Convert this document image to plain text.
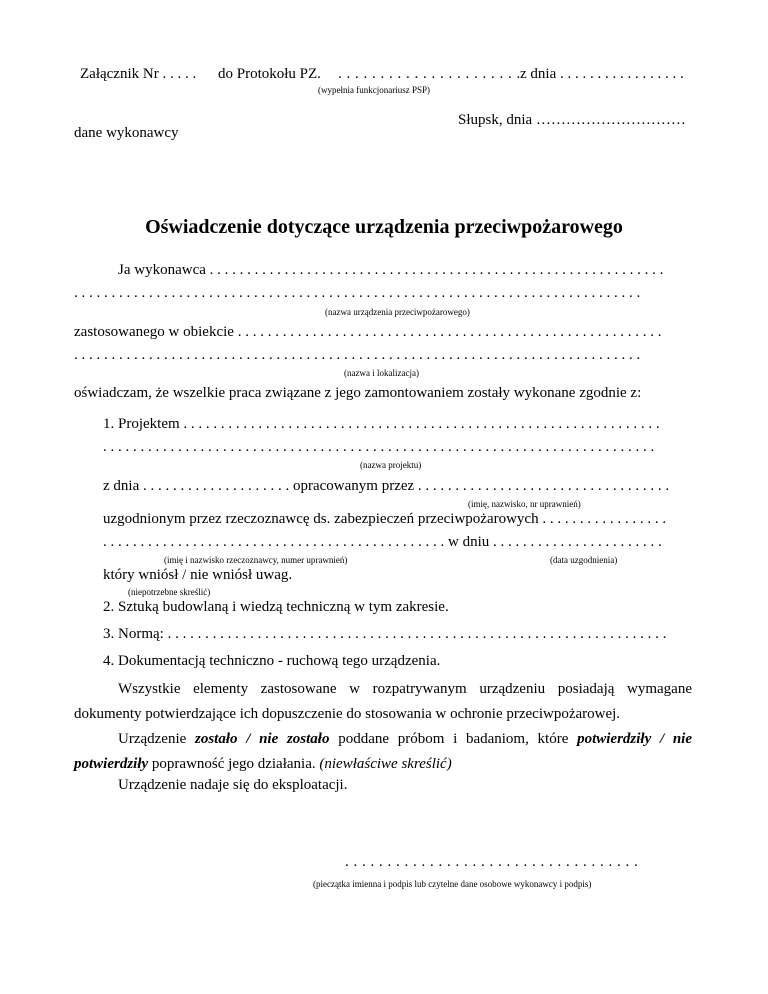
Załącznik Nr . . . . . do Protokołu PZ. . . . . . . . . . . . . . . . . . . . . . . z dnia . . . . . . . . . . . . . . . . .
(wypełnia funkcjonariusz PSP)
Słupsk, dnia …………………………
dane wykonawcy
Oświadczenie dotyczące urządzenia przeciwpożarowego
Ja wykonawca . . . . . . . . . . . . . . . . . . . . . . . . . . . . . . . . . . . . . . . . . . . . . . . . . . . . . . . . . . . . .
. . . . . . . . . . . . . . . . . . . . . . . . . . . . . . . . . . . . . . . . . . . . . . . . . . . . . . . . . . . . . . . . . . . . . . . . . . . .
(nazwa urządzenia przeciwpożarowego)
zastosowanego w obiekcie . . . . . . . . . . . . . . . . . . . . . . . . . . . . . . . . . . . . . . . . . . . . . . . . . . . . . . . . .
. . . . . . . . . . . . . . . . . . . . . . . . . . . . . . . . . . . . . . . . . . . . . . . . . . . . . . . . . . . . . . . . . . . . . . . . . . . .
(nazwa i lokalizacja)
oświadczam, że wszelkie praca związane z jego zamontowaniem zostały wykonane zgodnie z:
1. Projektem . . . . . . . . . . . . . . . . . . . . . . . . . . . . . . . . . . . . . . . . . . . . . . . . . . . . . . . . . . . . . . . .
. . . . . . . . . . . . . . . . . . . . . . . . . . . . . . . . . . . . . . . . . . . . . . . . . . . . . . . . . . . . . . . . . . . . . . . . . .
(nazwa projektu)
z dnia . . . . . . . . . . . . . . . . . . . . opracowanym przez . . . . . . . . . . . . . . . . . . . . . . . . . . . . . . . . . .
(imię, nazwisko, nr uprawnień)
uzgodnionym przez rzeczoznawcę ds. zabezpieczeń przeciwpożarowych . . . . . . . . . . . . . . . . .
. . . . . . . . . . . . . . . . . . . . . . . . . . . . . . . . . . . . . . . . . . . . . . w dniu . . . . . . . . . . . . . . . . . . . . . . .
(imię i nazwisko rzeczoznawcy, numer uprawnień)	(data uzgodnienia)
który wniósł / nie wniósł uwag.
(niepotrzebne skreślić)
2. Sztuką budowlaną i wiedzą techniczną w tym zakresie.
3. Normą: . . . . . . . . . . . . . . . . . . . . . . . . . . . . . . . . . . . . . . . . . . . . . . . . . . . . . . . . . . . . . . . . . . .
4. Dokumentacją techniczno - ruchową tego urządzenia.
Wszystkie elementy zastosowane w rozpatrywanym urządzeniu posiadają wymagane dokumenty potwierdzające ich dopuszczenie do stosowania w ochronie przeciwpożarowej.
Urządzenie zostało / nie zostało poddane próbom i badaniom, które potwierdziły / nie potwierdziły poprawność jego działania. (niewłaściwe skreślić)
Urządzenie nadaje się do eksploatacji.
. . . . . . . . . . . . . . . . . . . . . . . . . . . . . . . . . . .
(pieczątka imienna i podpis lub czytelne dane osobowe wykonawcy i podpis)
